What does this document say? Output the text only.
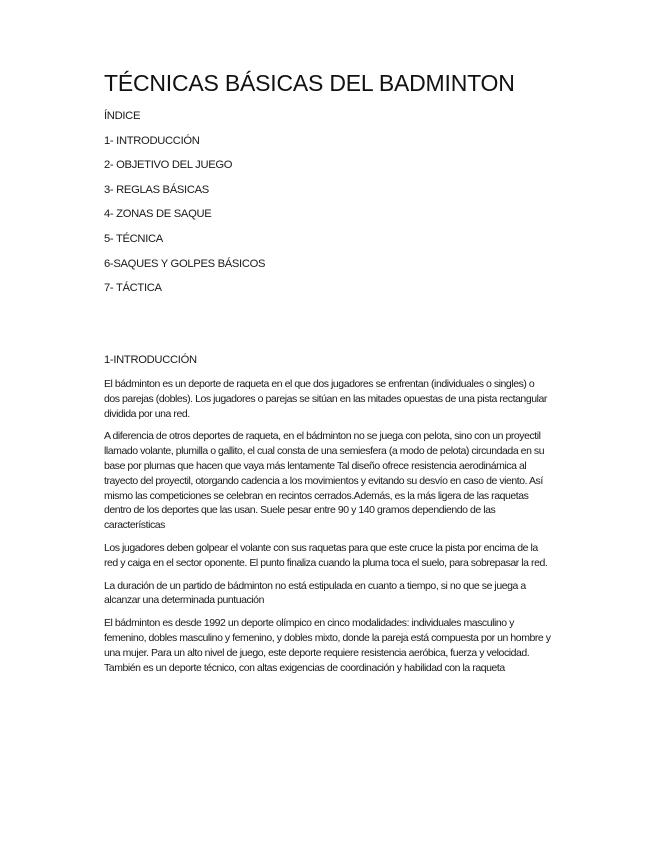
TÉCNICAS BÁSICAS DEL BADMINTON
ÍNDICE
1- INTRODUCCIÓN
2- OBJETIVO DEL JUEGO
3- REGLAS BÁSICAS
4- ZONAS DE SAQUE
5- TÉCNICA
6-SAQUES Y GOLPES BÁSICOS
7- TÁCTICA
1-INTRODUCCIÓN

El bádminton es un deporte de raqueta en el que dos jugadores se enfrentan (individuales o singles) o dos parejas (dobles). Los jugadores o parejas se sitúan en las mitades opuestas de una pista rectangular dividida por una red.

A diferencia de otros deportes de raqueta, en el bádminton no se juega con pelota, sino con un proyectil llamado volante, plumilla o gallito, el cual consta de una semiesfera (a modo de pelota) circundada en su base por plumas que hacen que vaya más lentamente Tal diseño ofrece resistencia aerodinámica al trayecto del proyectil, otorgando cadencia a los movimientos y evitando su desvío en caso de viento. Así mismo las competiciones se celebran en recintos cerrados.Además, es la más ligera de las raquetas dentro de los deportes que las usan. Suele pesar entre 90 y 140 gramos dependiendo de las características

Los jugadores deben golpear el volante con sus raquetas para que este cruce la pista por encima de la red y caiga en el sector oponente. El punto finaliza cuando la pluma toca el suelo, para sobrepasar la red.

La duración de un partido de bádminton no está estipulada en cuanto a tiempo, si no que se juega a alcanzar una determinada puntuación

El bádminton es desde 1992 un deporte olímpico en cinco modalidades: individuales masculino y femenino, dobles masculino y femenino, y dobles mixto, donde la pareja está compuesta por un hombre y una mujer. Para un alto nivel de juego, este deporte requiere resistencia aeróbica, fuerza y velocidad. También es un deporte técnico, con altas exigencias de coordinación y habilidad con la raqueta
